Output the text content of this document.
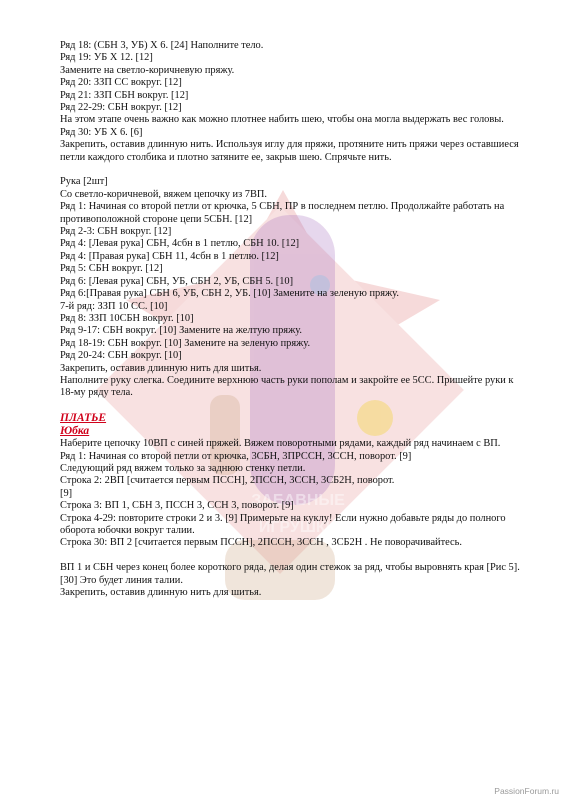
ЗАБАВНЫЕ
ИГРУШКИ

Ряд 18: (СБН 3, УБ) Х 6. [24] Наполните тело.

Ряд 19: УБ Х 12. [12]

Замените на светло-коричневую пряжу.

Ряд 20: ЗЗП СС вокруг. [12]

Ряд 21: ЗЗП СБН вокруг. [12]

Ряд 22-29: СБН вокруг. [12]

На этом этапе очень важно как можно плотнее набить шею, чтобы она могла выдержать вес головы.

Ряд 30: УБ Х 6. [6]

Закрепить, оставив длинную нить. Используя иглу для пряжи, протяните нить пряжи через оставшиеся петли каждого столбика и плотно затяните ее, закрыв шею. Спрячьте нить.

Рука [2шт]

Со светло-коричневой, вяжем цепочку из 7ВП.

Ряд 1: Начиная со второй петли от крючка, 5 СБН, ПР в последнем петлю. Продолжайте работать на противоположной стороне цепи 5СБН. [12]

Ряд 2-3: СБН вокруг. [12]

Ряд 4: [Левая рука] СБН, 4сбн в 1 петлю, СБН 10. [12]

Ряд 4: [Правая рука] СБН 11, 4сбн в 1 петлю. [12]

Ряд 5: СБН вокруг. [12]

Ряд 6: [Левая рука] СБН, УБ, СБН 2, УБ, СБН 5. [10]

Ряд 6:[Правая рука] СБН 6, УБ, СБН 2, УБ. [10] Замените на зеленую пряжу.

7-й ряд: ЗЗП 10 СС. [10]

Ряд 8: ЗЗП 10СБН вокруг. [10]

Ряд 9-17: СБН вокруг. [10] Замените на желтую пряжу.

Ряд 18-19: СБН вокруг. [10] Замените на зеленую пряжу.

Ряд 20-24: СБН вокруг. [10]

Закрепить, оставив длинную нить для шитья.

Наполните руку слегка. Соедините верхнюю часть руки пополам и закройте ее 5СС. Пришейте руки к 18-му ряду тела.

ПЛАТЬЕ

Юбка

Наберите цепочку 10ВП с синей пряжей. Вяжем поворотными рядами, каждый ряд начинаем с ВП.

Ряд 1: Начиная со второй петли от крючка, 3СБН, 3ПРССН, 3ССН, поворот. [9]

Следующий ряд вяжем только за заднюю стенку петли.

Строка 2: 2ВП [считается первым ПССН], 2ПССН, 3ССН, 3СБ2Н, поворот.

[9]

Строка 3: ВП 1, СБН 3, ПССН 3, ССН 3, поворот. [9]

Строка 4-29: повторите строки 2 и 3. [9] Примерьте на куклу! Если нужно добавьте ряды до полного оборота юбочки вокруг талии.

Строка 30: ВП 2 [считается первым ПССН], 2ПССН, 3ССН , 3СБ2Н . Не поворачивайтесь.

ВП 1 и СБН через конец более короткого ряда, делая один стежок за ряд, чтобы выровнять края [Рис 5]. [30] Это будет линия талии.

Закрепить, оставив длинную нить для шитья.

PassionForum.ru
